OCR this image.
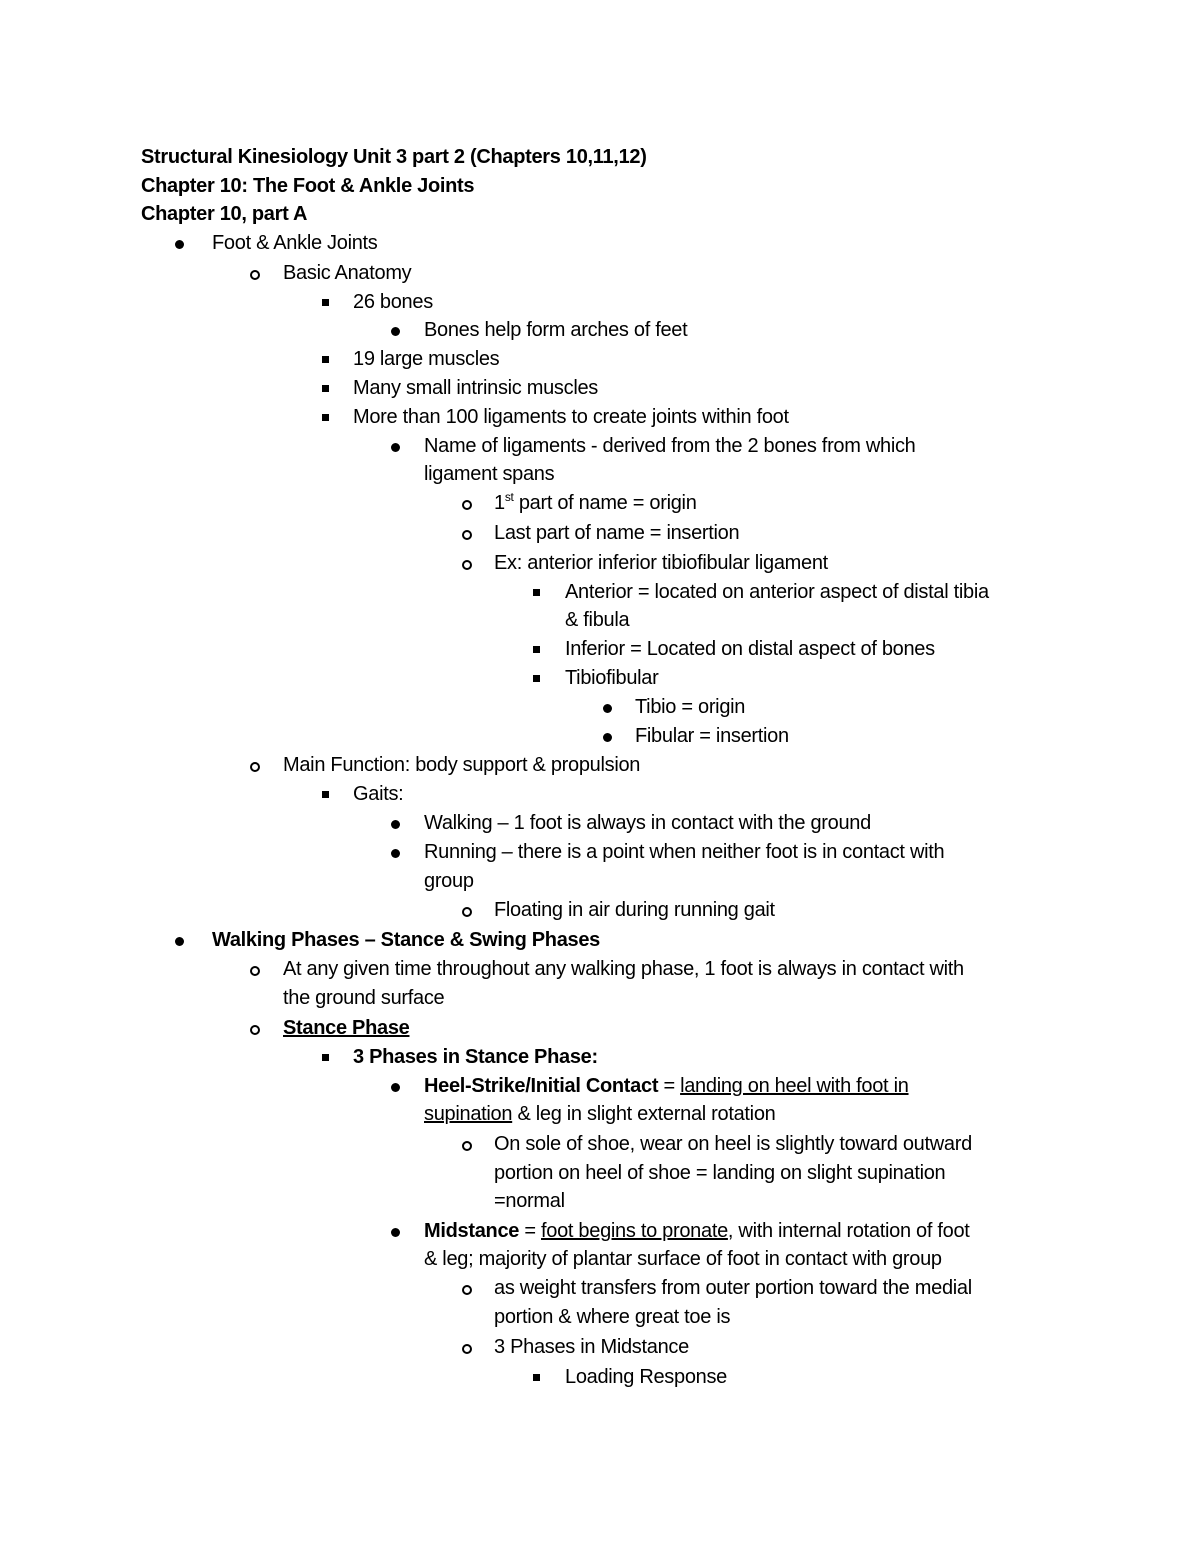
Structural Kinesiology Unit 3 part 2 (Chapters 10,11,12)
Chapter 10: The Foot & Ankle Joints
Chapter 10, part A
Foot & Ankle Joints
Basic Anatomy
26 bones
Bones help form arches of feet
19 large muscles
Many small intrinsic muscles
More than 100 ligaments to create joints within foot
Name of ligaments - derived from the 2 bones from which
ligament spans
1st part of name = origin
Last part of name = insertion
Ex: anterior inferior tibiofibular ligament
Anterior = located on anterior aspect of distal tibia
& fibula
Inferior = Located on distal aspect of bones
Tibiofibular
Tibio = origin
Fibular = insertion
Main Function: body support & propulsion
Gaits:
Walking – 1 foot is always in contact with the ground
Running – there is a point when neither foot is in contact with
group
Floating in air during running gait
Walking Phases – Stance & Swing Phases
At any given time throughout any walking phase, 1 foot is always in contact with
the ground surface
Stance Phase
3 Phases in Stance Phase:
Heel-Strike/Initial Contact = landing on heel with foot in
supination & leg in slight external rotation
On sole of shoe, wear on heel is slightly toward outward
portion on heel of shoe = landing on slight supination
=normal
Midstance = foot begins to pronate, with internal rotation of foot
& leg; majority of plantar surface of foot in contact with group
as weight transfers from outer portion toward the medial
portion & where great toe is
3 Phases in Midstance
Loading Response
